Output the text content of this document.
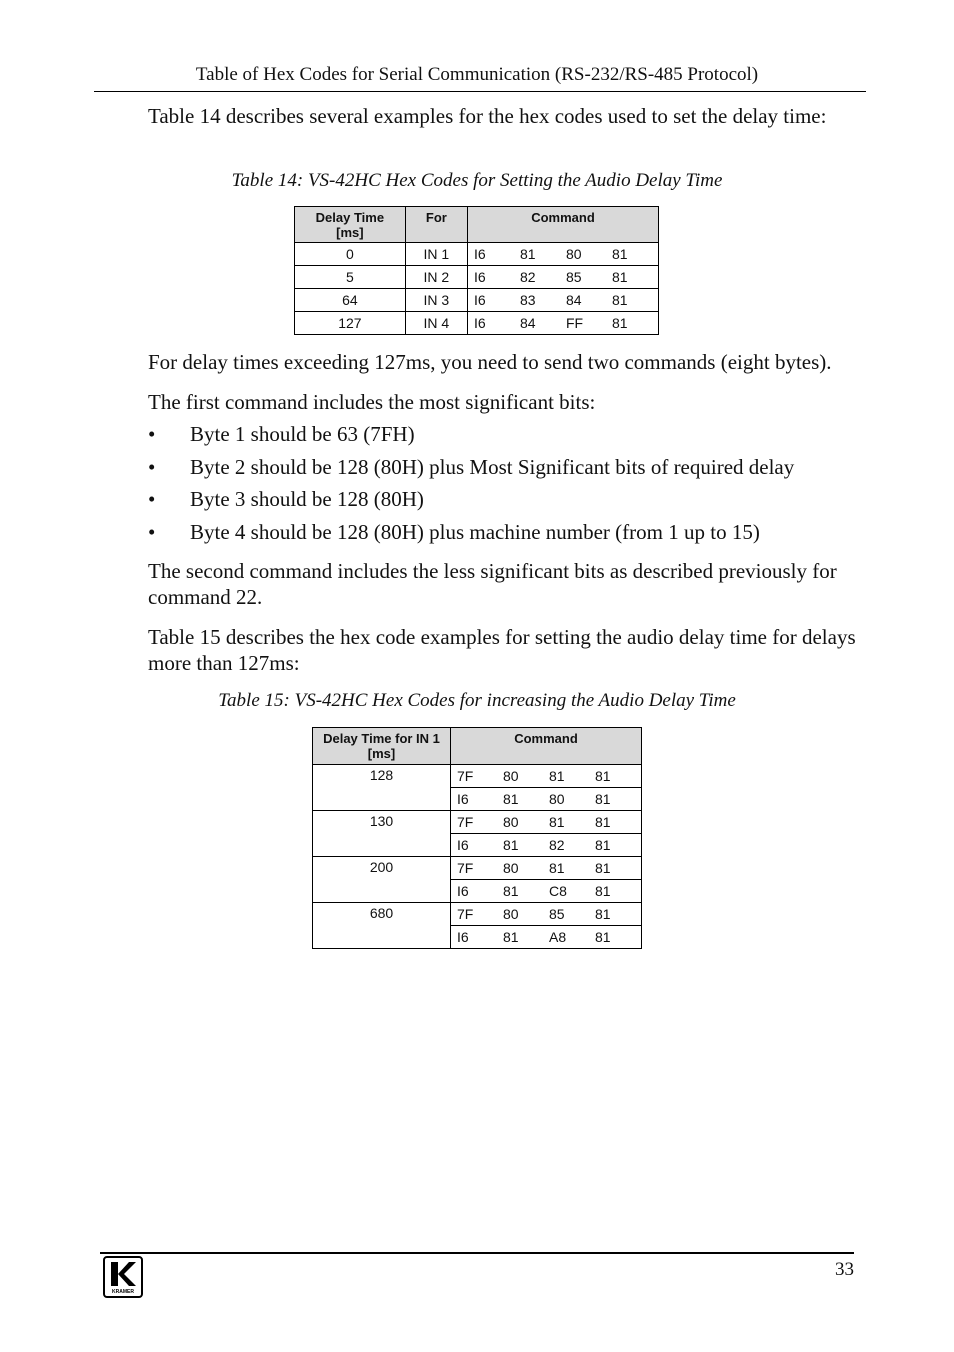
Table of Hex Codes for Serial Communication (RS-232/RS-485 Protocol)
Table 14 describes several examples for the hex codes used to set the delay time:
Table 14: VS-42HC Hex Codes for Setting the Audio Delay Time
Delay Time
[ms]	For	Command
0	IN 1	I6 81 80 81

5	IN 2	I6 82 85 81

64	IN 3	I6 83 84 81

127	IN 4	I6 84 FF 81
For delay times exceeding 127ms, you need to send two commands (eight bytes).
The first command includes the most significant bits:
• Byte 1 should be 63 (7FH)
• Byte 2 should be 128 (80H) plus Most Significant bits of required delay
• Byte 3 should be 128 (80H)
• Byte 4 should be 128 (80H) plus machine number (from 1 up to 15)
The second command includes the less significant bits as described previously for command 22.
Table 15 describes the hex code examples for setting the audio delay time for delays more than 127ms:
Table 15: VS-42HC Hex Codes for increasing the Audio Delay Time
Delay Time for IN 1
[ms]	Command
128	7F 80 81 81

	I6 81 80 81

130	7F 80 81 81

	I6 81 82 81

200	7F 80 81 81

	I6 81 C8 81

680	7F 80 85 81

	I6 81 A8 81
KRAMER
33
